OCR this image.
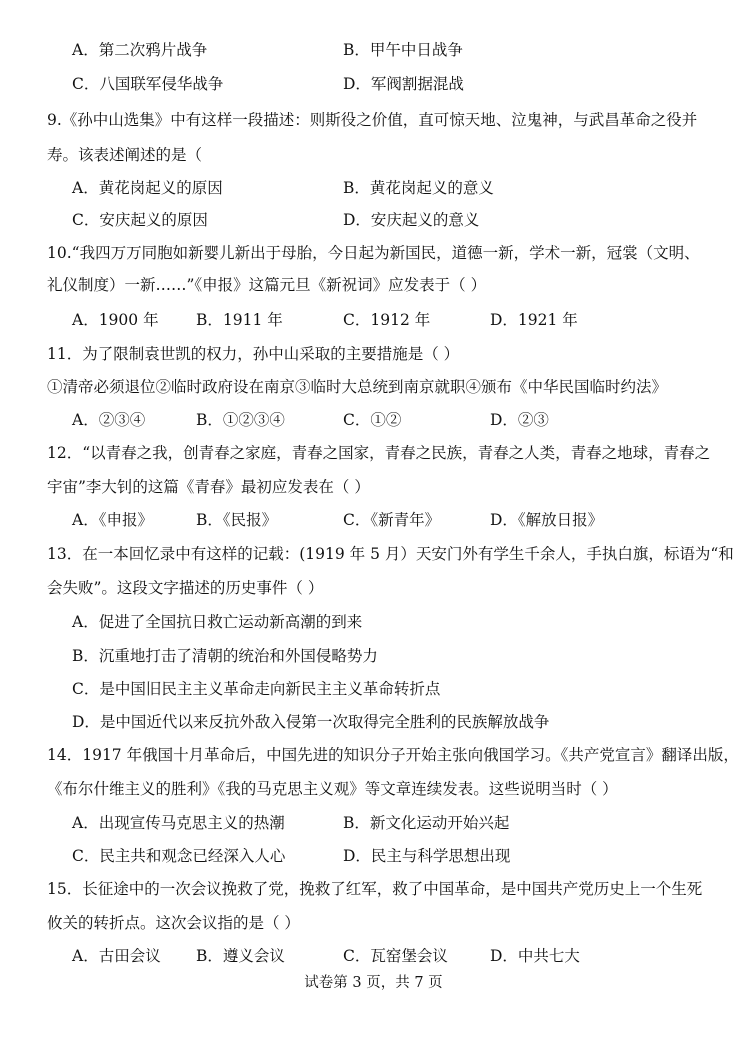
A．第二次鸦片战争	B．甲午中日战争
C．八国联军侵华战争	D．军阀割据混战
9.《孙中山选集》中有这样一段描述：则斯役之价值，直可惊天地、泣鬼神，与武昌革命之役并
寿。该表述阐述的是（
A．黄花岗起义的原因	B．黄花岗起义的意义
C．安庆起义的原因	D．安庆起义的意义
10.“我四万万同胞如新婴儿新出于母胎，今日起为新国民，道德一新，学术一新，冠裳（文明、
礼仪制度）一新……”《申报》这篇元旦《新祝词》应发表于（ ）
A．1900 年 B．1911 年	C．1912 年	D．1921 年
11．为了限制袁世凯的权力，孙中山采取的主要措施是（ ）
①清帝必须退位②临时政府设在南京③临时大总统到南京就职④颁布《中华民国临时约法》
A．②③④	B．①②③④	C．①②	D．②③
12．“以青春之我，创青春之家庭，青春之国家，青春之民族，青春之人类，青春之地球，青春之
宇宙”李大钊的这篇《青春》最初应发表在（ ）
A．《申报》	B．《民报》	C．《新青年》	D．《解放日报》
13．在一本回忆录中有这样的记载：(1919 年 5 月）天安门外有学生千余人，手执白旗，标语为“和
会失败”。这段文字描述的历史事件（ ）
A．促进了全国抗日救亡运动新高潮的到来
B．沉重地打击了清朝的统治和外国侵略势力
C．是中国旧民主主义革命走向新民主主义革命转折点
D．是中国近代以来反抗外敌入侵第一次取得完全胜利的民族解放战争
14．1917 年俄国十月革命后，中国先进的知识分子开始主张向俄国学习。《共产党宣言》翻译出版，
《布尔什维主义的胜利》《我的马克思主义观》等文章连续发表。这些说明当时（ ）
A．出现宣传马克思主义的热潮	B．新文化运动开始兴起
C．民主共和观念已经深入人心	D．民主与科学思想出现
15．长征途中的一次会议挽救了党，挽救了红军，救了中国革命，是中国共产党历史上一个生死
攸关的转折点。这次会议指的是（ ）
A．古田会议 B．遵义会议	C．瓦窑堡会议	D．中共七大
试卷第 3 页，共 7 页
